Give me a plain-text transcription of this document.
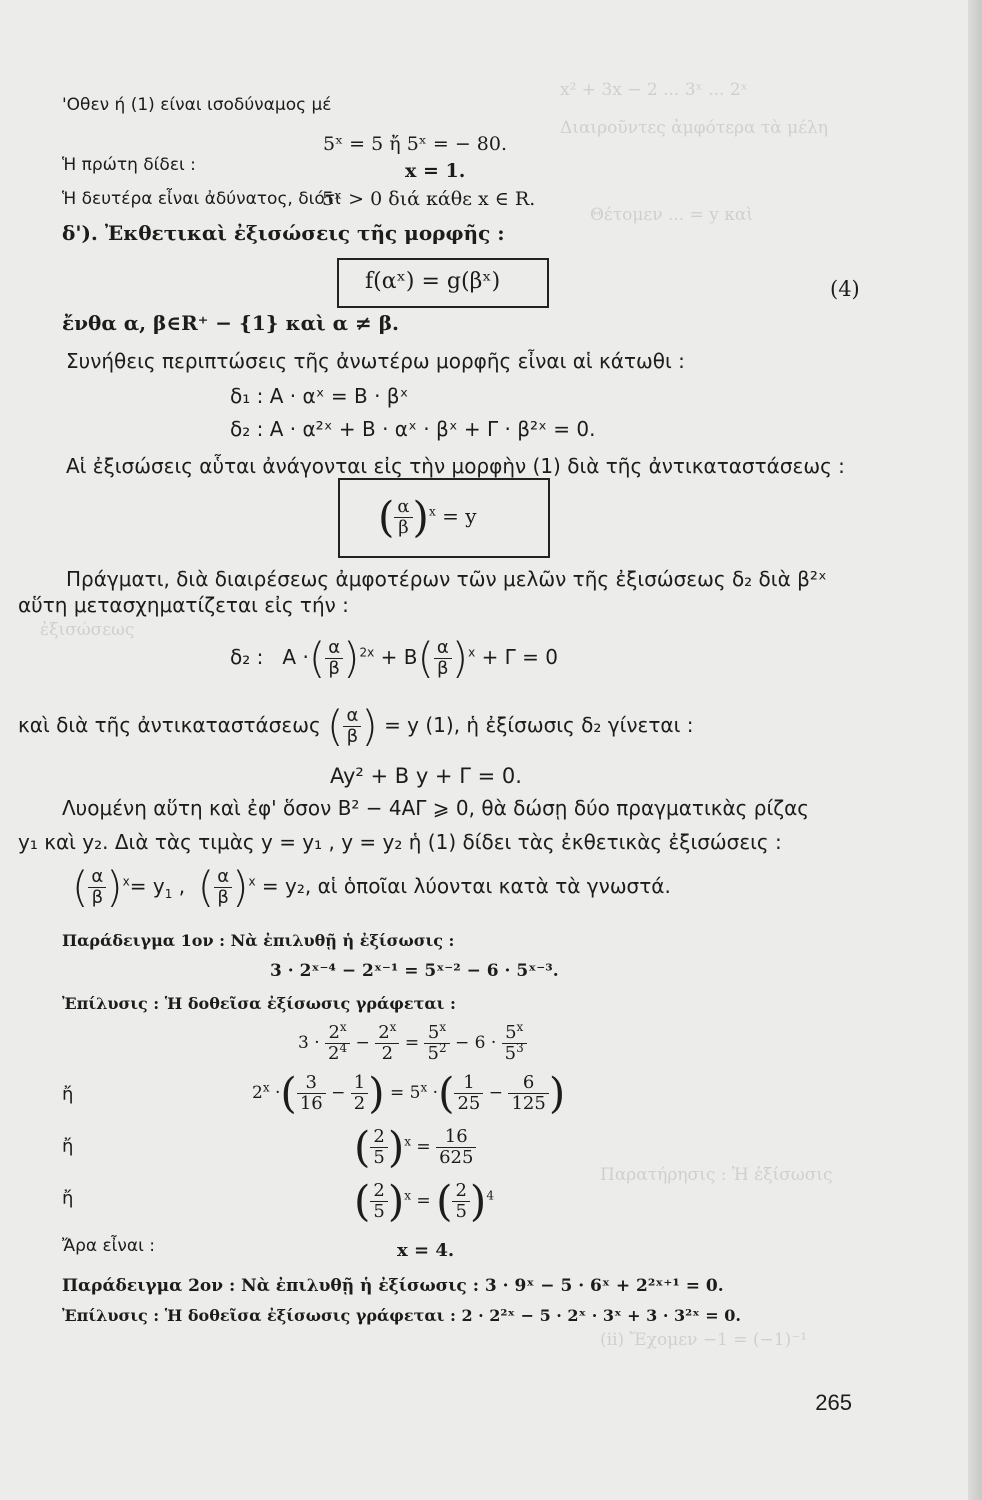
x² + 3x − 2 ... 3ˣ ... 2ˣ
Διαιροῦντες ἀμφότερα τὰ μέλη
Θέτομεν ... = y καὶ
ἐξισώσεως
Παρατήρησις : Ἡ ἐξίσωσις
(ii) Ἔχομεν −1 = (−1)⁻¹
'Οθεν ή (1) είναι ισοδύναμος μέ
5ˣ = 5 ἤ 5ˣ = − 80.
Ἡ πρώτη δίδει :	x = 1.
Ἡ δευτέρα εἶναι ἀδύνατος, διότι
5ˣ > 0 διά κάθε x ∈ R.
δ'). Ἐκθετικαὶ ἐξισώσεις τῆς μορφῆς :
f(αˣ) = g(βˣ)	(4)
ἔνθα α, β∈R⁺ − {1} καὶ α ≠ β.
Συνήθεις περιπτώσεις τῆς ἀνωτέρω μορφῆς εἶναι αἱ κάτωθι :
δ₁ : A · αˣ = B · βˣ
δ₂ : A · α²ˣ + B · αˣ · βˣ + Γ · β²ˣ = 0.
Αἱ ἐξισώσεις αὗται ἀνάγονται εἰς τὴν μορφὴν (1) διὰ τῆς ἀντικαταστάσεως :
( $\frac{\alpha}{\beta} )^x = y$
Πράγματι, διὰ διαιρέσεως ἀμφοτέρων τῶν μελῶν τῆς ἐξισώσεως δ₂ διὰ β²ˣ
αὕτη μετασχηματίζεται εἰς τήν :
δ₂ :   A ·( $\frac{\alpha}{\beta} )^{2x} + B( \frac{\alpha}{\beta} )^x + \Gamma = 0$
καὶ διὰ τῆς ἀντικαταστάσεως ( $\frac{\alpha}{\beta}$ ) = y (1), ἡ ἐξίσωσις δ₂ γίνεται :
Ay² + B y + Γ = 0.
Λυομένη αὕτη καὶ ἐφ' ὅσον B² − 4AΓ ⩾ 0, θὰ δώσῃ δύο πραγματικὰς ρίζας
y₁ καὶ y₂. Διὰ τὰς τιμὰς y = y₁ , y = y₂ ἡ (1) δίδει τὰς ἐκθετικὰς ἐξισώσεις :
( $\frac{\alpha}{\beta} )^x= y_1$ ,  ( $\frac{\alpha}{\beta} )^x = y_2$, αἱ ὁποῖαι λύονται κατὰ τὰ γνωστά.
Παράδειγμα 1ον : Νὰ ἐπιλυθῇ ἡ ἐξίσωσις :
3 · 2ˣ⁻⁴ − 2ˣ⁻¹ = 5ˣ⁻² − 6 · 5ˣ⁻³.
Ἐπίλυσις : Ἡ δοθεῖσα ἐξίσωσις γράφεται :
$3 \cdot \frac{2^x}{2^4} - \frac{2^x}{2} = \frac{5^x}{5^2} - 6 \cdot \frac{5^x}{5^3}$
ἤ	$2^x$ ·( $\frac{3}{16} - \frac{1}{2}$ ) = $5^x$ ·( $\frac{1}{25} - \frac{6}{125}$ )
ἤ	( $\frac{2}{5} )^x = \frac{16}{625}$
ἤ	( $\frac{2}{5} )^x$ = ( $\frac{2}{5} )^4$
Ἄρα εἶναι :	x = 4.
Παράδειγμα 2ον : Νὰ ἐπιλυθῇ ἡ ἐξίσωσις : 3 · 9ˣ − 5 · 6ˣ + 2²ˣ⁺¹ = 0.
Ἐπίλυσις : Ἡ δοθεῖσα ἐξίσωσις γράφεται : 2 · 2²ˣ − 5 · 2ˣ · 3ˣ + 3 · 3²ˣ = 0.
265
